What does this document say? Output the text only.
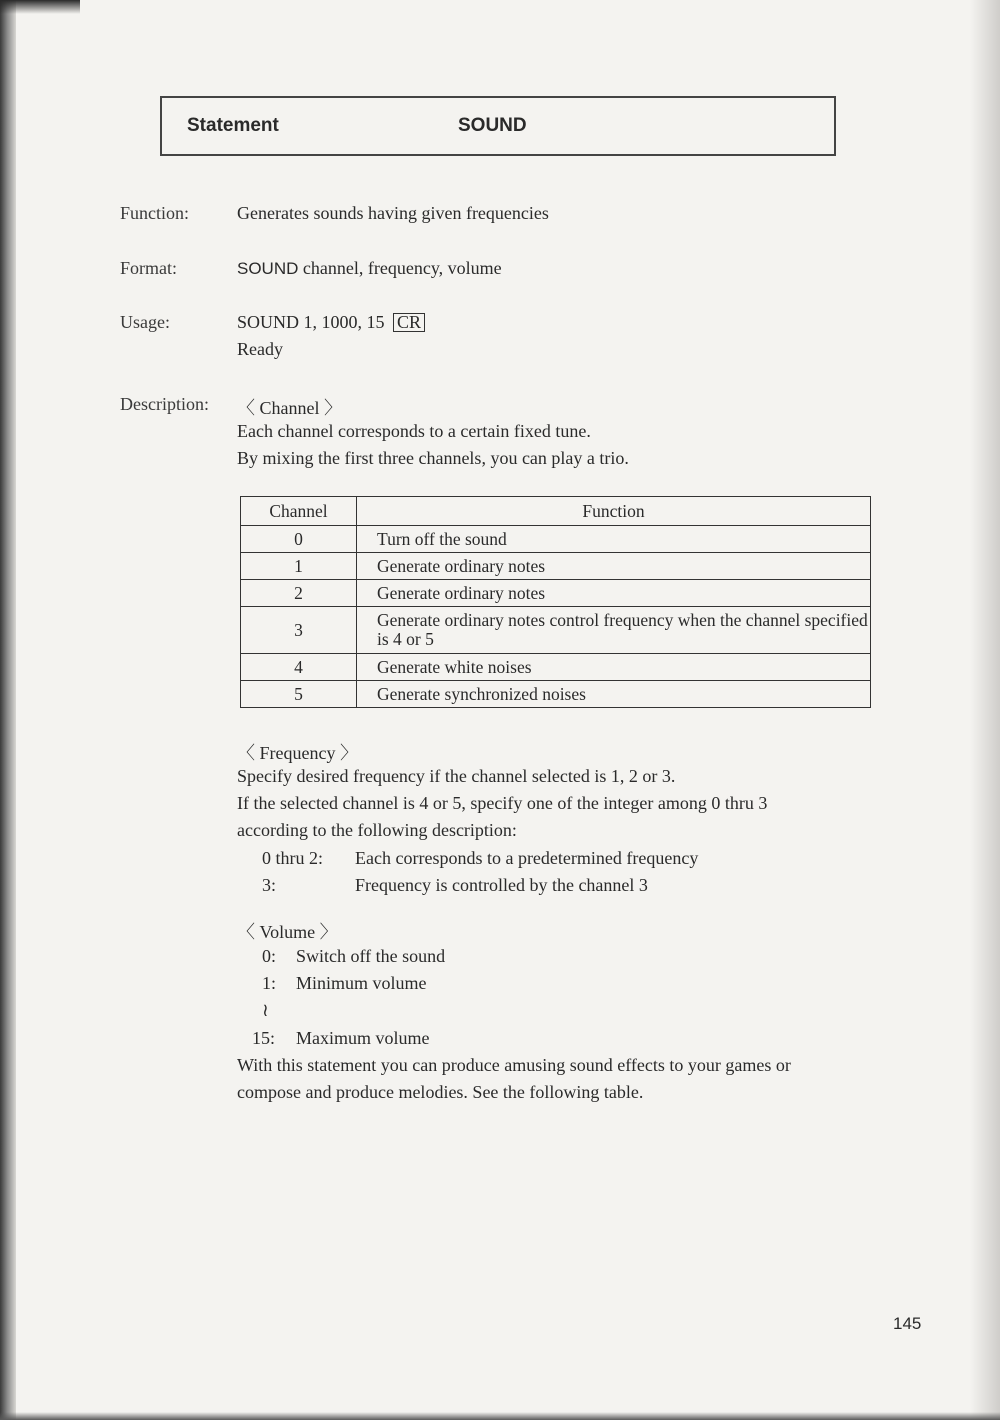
Statement	SOUND
Function:	Generates sounds having given frequencies
Format:	SOUND channel, frequency, volume
Usage:	SOUND 1, 1000, 15 CR
Ready
Description: 〈 Channel 〉
Each channel corresponds to a certain fixed tune.
By mixing the first three channels, you can play a trio.
Channel	Function
0	Turn off the sound
1	Generate ordinary notes
2	Generate ordinary notes
3	Generate ordinary notes control frequency when the channel specified is 4 or 5
4	Generate white noises
5	Generate synchronized noises
〈 Frequency 〉
Specify desired frequency if the channel selected is 1, 2 or 3.
If the selected channel is 4 or 5, specify one of the integer among 0 thru 3
according to the following description:
0 thru 2: Each corresponds to a predetermined frequency
3:	Frequency is controlled by the channel 3
〈 Volume 〉
0: Switch off the sound
1: Minimum volume
≀
15: Maximum volume
With this statement you can produce amusing sound effects to your games or
compose and produce melodies. See the following table.
145
